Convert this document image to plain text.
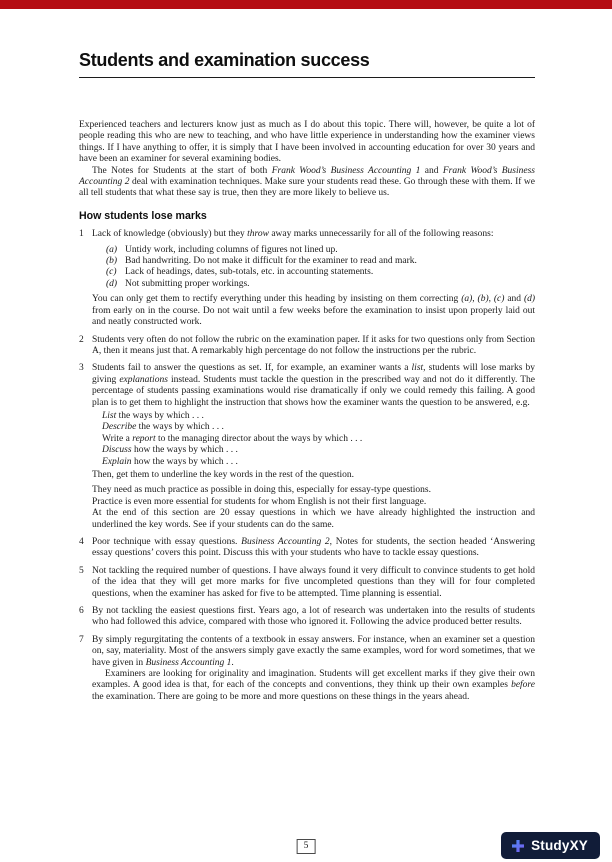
Students and examination success

Experienced teachers and lecturers know just as much as I do about this topic. There will, however, be quite a lot of people reading this who are new to teaching, and who have little experience in understanding how the examiner views things. If I have anything to offer, it is simply that I have been involved in accounting education for over 30 years and have been an examiner for several examining bodies.

The Notes for Students at the start of both Frank Wood’s Business Accounting 1 and Frank Wood’s Business Accounting 2 deal with examination techniques. Make sure your students read these. Go through these with them. If we all tell students that what these say is true, then they are more likely to believe us.

How students lose marks
1 Lack of knowledge (obviously) but they throw away marks unnecessarily for all of the following reasons:

(a) Untidy work, including columns of figures not lined up.
(b) Bad handwriting. Do not make it difficult for the examiner to read and mark.
(c) Lack of headings, dates, sub-totals, etc. in accounting statements.
(d) Not submitting proper workings.

You can only get them to rectify everything under this heading by insisting on them correcting (a), (b), (c) and (d) from early on in the course. Do not wait until a few weeks before the examination to insist upon properly laid out and neatly constructed work.

2 Students very often do not follow the rubric on the examination paper. If it asks for two questions only from Section A, then it means just that. A remarkably high percentage do not follow the instructions per the rubric.

3 Students fail to answer the questions as set. If, for example, an examiner wants a list, students will lose marks by giving explanations instead. Students must tackle the question in the prescribed way and not do it differently. The percentage of students passing examinations would rise dramatically if only we could remedy this failing. A good plan is to get them to highlight the instruction that shows how the examiner wants the question to be answered, e.g.

List the ways by which . . .

Describe the ways by which . . .

Write a report to the managing director about the ways by which . . .

Discuss how the ways by which . . .

Explain how the ways by which . . .

Then, get them to underline the key words in the rest of the question.

They need as much practice as possible in doing this, especially for essay-type questions.

Practice is even more essential for students for whom English is not their first language.

At the end of this section are 20 essay questions in which we have already highlighted the instruction and underlined the key words. See if your students can do the same.

4 Poor technique with essay questions. Business Accounting 2, Notes for students, the section headed ‘Answering essay questions’ covers this point. Discuss this with your students who have to tackle essay questions.

5 Not tackling the required number of questions. I have always found it very difficult to convince students to get hold of the idea that they will get more marks for five uncompleted questions than they will for four completed questions, when the examiner has asked for five to be attempted. Time planning is essential.

6 By not tackling the easiest questions first. Years ago, a lot of research was undertaken into the results of students who had followed this advice, compared with those who ignored it. Following the advice produced better results.

7 By simply regurgitating the contents of a textbook in essay answers. For instance, when an examiner set a question on, say, materiality. Most of the answers simply gave exactly the same examples, word for word sometimes, that we have given in Business Accounting 1.

Examiners are looking for originality and imagination. Students will get excellent marks if they give their own examples. A good idea is that, for each of the concepts and conventions, they think up their own examples before the examination. There are going to be more and more questions on these things in the years ahead.

5	StudyXY
